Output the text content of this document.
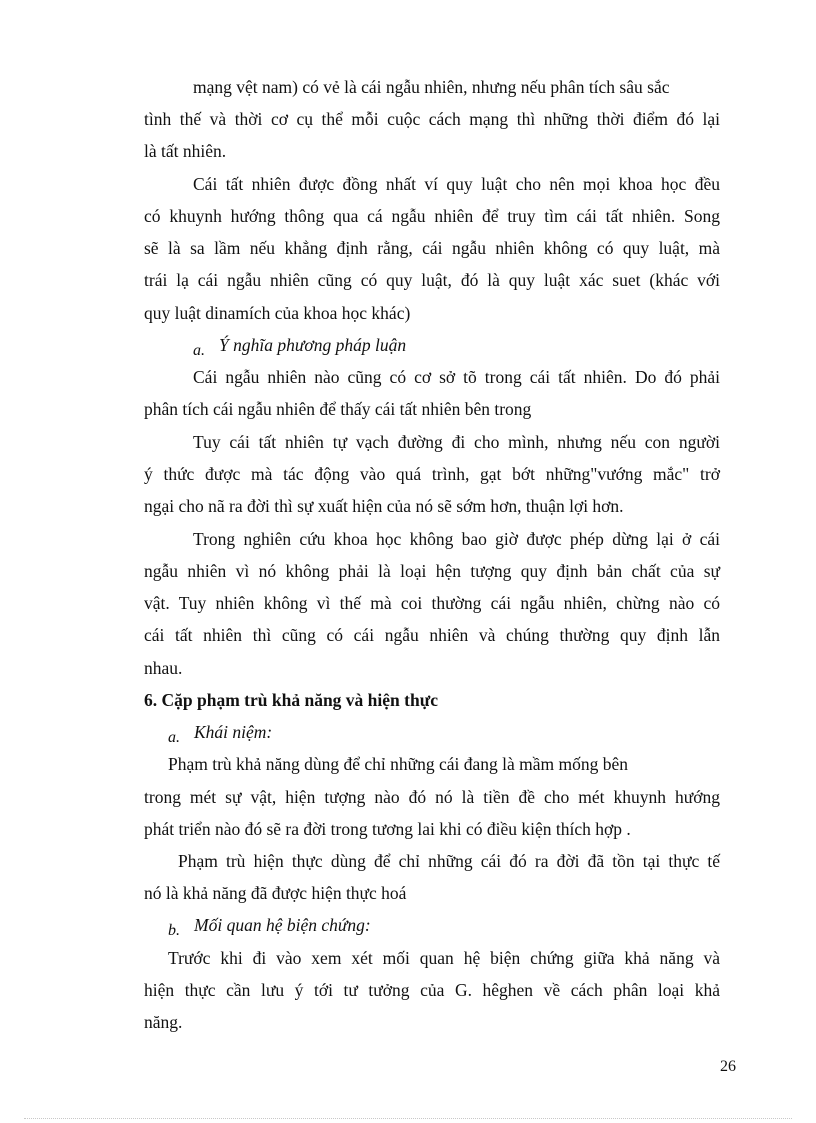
mạng vệt nam) có vẻ là cái ngẫu nhiên, nhưng nếu phân tích sâu sắc
tình thế và thời cơ cụ thể mỗi cuộc cách mạng thì những thời điểm đó lại
là tất nhiên.
Cái tất nhiên được đồng nhất ví quy luật cho nên mọi khoa học đều
có khuynh hướng thông qua cá ngẫu nhiên để truy tìm cái tất nhiên. Song
sẽ là sa lầm nếu khẳng định rằng, cái ngẫu nhiên không có quy luật, mà
trái lạ cái ngẫu nhiên cũng có quy luật, đó là quy luật xác suet (khác với
quy luật dinamích của khoa học khác)
a. Ý nghĩa phương pháp luận
Cái ngẫu nhiên nào cũng có cơ sở tõ trong cái tất nhiên. Do đó phải
phân tích cái ngẫu nhiên để thấy cái tất nhiên bên trong
Tuy cái tất nhiên tự vạch đường đi cho mình, nhưng nếu con người
ý thức được mà tác động vào quá trình, gạt bớt những"vướng mắc" trở
ngại cho nã ra đời thì sự xuất hiện của nó sẽ sớm hơn, thuận lợi hơn.
Trong nghiên cứu khoa học không bao giờ được phép dừng lại ở cái
ngẫu nhiên vì nó không phải là loại hện tượng quy định bản chất của sự
vật. Tuy nhiên không vì thế mà coi thường cái ngẫu nhiên, chừng nào có
cái tất nhiên thì cũng có cái ngẫu nhiên và chúng thường quy định lẫn
nhau.
6. Cặp phạm trù khả năng và hiện thực
a. Khái niệm:
Phạm trù khả năng dùng để chỉ những cái đang là mầm mống bên
trong mét sự vật, hiện tượng nào đó nó là tiền đề cho mét khuynh hướng
phát triển nào đó sẽ ra đời trong tương lai khi có điều kiện thích hợp .
Phạm trù hiện thực dùng để chỉ những cái đó ra đời đã tồn tại thực tế
nó là khả năng đã được hiện thực hoá
b. Mối quan hệ biện chứng:
Trước khi đi vào xem xét mối quan hệ biện chứng giữa khả năng và
hiện thực cần lưu ý tới tư tưởng của G. hêghen về cách phân loại khả
năng.
26
